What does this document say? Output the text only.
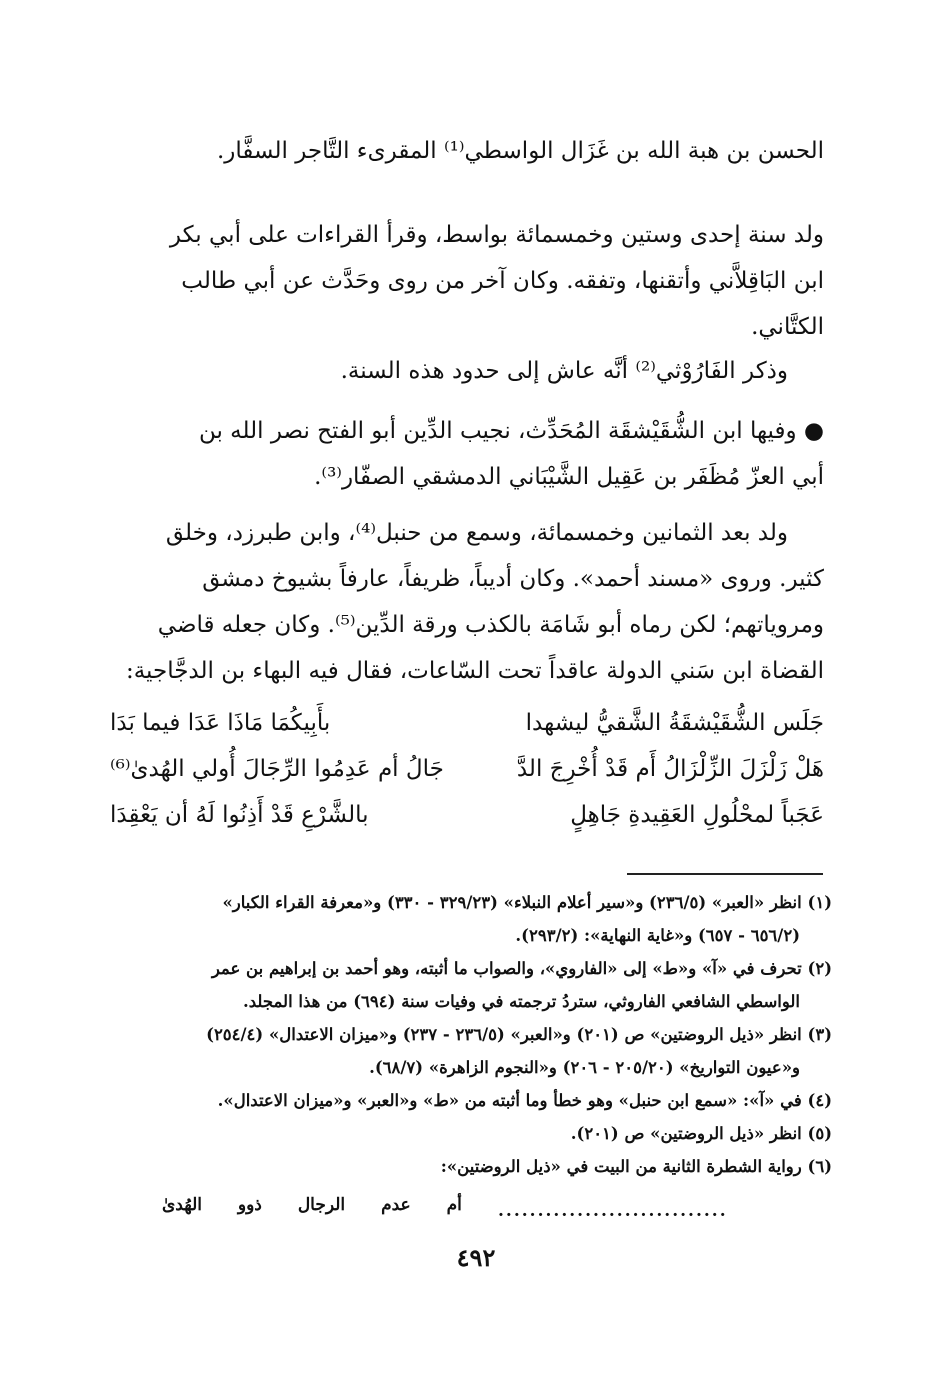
الحسن بن هبة الله بن غَزَال الواسطي⁽¹⁾ المقرىء التَّاجر السفَّار.
ولد سنة إحدى وستين وخمسمائة بواسط، وقرأ القراءات على أبي بكر
ابن البَاقِلاَّني وأتقنها، وتفقه. وكان آخر من روى وحَدَّث عن أبي طالب
الكتَّاني.
وذكر الفَارُوْثي⁽²⁾ أنَّه عاش إلى حدود هذه السنة.
● وفيها ابن الشُّقَيْشقَة المُحَدِّث، نجيب الدِّين أبو الفتح نصر الله بن
أبي العزّ مُظَفَر بن عَقِيل الشَّيْبَاني الدمشقي الصفّار⁽³⁾.
ولد بعد الثمانين وخمسمائة، وسمع من حنبل⁽⁴⁾، وابن طبرزد، وخلق
كثير. وروى «مسند أحمد». وكان أديباً، ظريفاً، عارفاً بشيوخ دمشق
ومروياتهم؛ لكن رماه أبو شَامَة بالكذب ورقة الدِّين⁽⁵⁾. وكان جعله قاضي
القضاة ابن سَني الدولة عاقداً تحت السّاعات، فقال فيه البهاء بن الدجَّاجية:
جَلَس الشُّقَيْشقَةُ الشَّقيُّ ليشهدا
بأَبِيكُمَا مَاذَا عَدَا فيما بَدَا
هَلْ زَلْزَلَ الزِّلْزَالُ أَم قَدْ أُخْرِجَ الدَّ
جَالُ أم عَدِمُوا الرِّجَالَ أُولي الهُدىٰ⁽⁶⁾
عَجَباً لمحْلُولِ العَقِيدةِ جَاهِلٍ
بالشَّرْعِ قَدْ أَذِنُوا لَهُ أن يَعْقِدَا

(١) انظر «العبر» (٢٣٦/٥) و«سير أعلام النبلاء» (٣٢٩/٢٣ - ٣٣٠) و«معرفة القراء الكبار»
(٦٥٦/٢ - ٦٥٧) و«غاية النهاية»: (٢٩٣/٢).

(٢) تحرف في «آ» و«ط» إلى «الفاروي»، والصواب ما أثبته، وهو أحمد بن إبراهيم بن عمر
الواسطي الشافعي الفاروثي، ستردُ ترجمته في وفيات سنة (٦٩٤) من هذا المجلد.

(٣) انظر «ذيل الروضتين» ص (٢٠١) و«العبر» (٢٣٦/٥ - ٢٣٧) و«ميزان الاعتدال» (٢٥٤/٤)
و«عيون التواريخ» (٢٠٥/٢٠ - ٢٠٦) و«النجوم الزاهرة» (٦٨/٧).

(٤) في «آ»: «سمع ابن حنبل» وهو خطأ وما أثبته من «ط» و«العبر» و«ميزان الاعتدال».

(٥) انظر «ذيل الروضتين» ص (٢٠١).

(٦) رواية الشطرة الثانية من البيت في «ذيل الروضتين»:

أم عدم الرجال ذوو الهُدىٰ	.............................
٤٩٢
